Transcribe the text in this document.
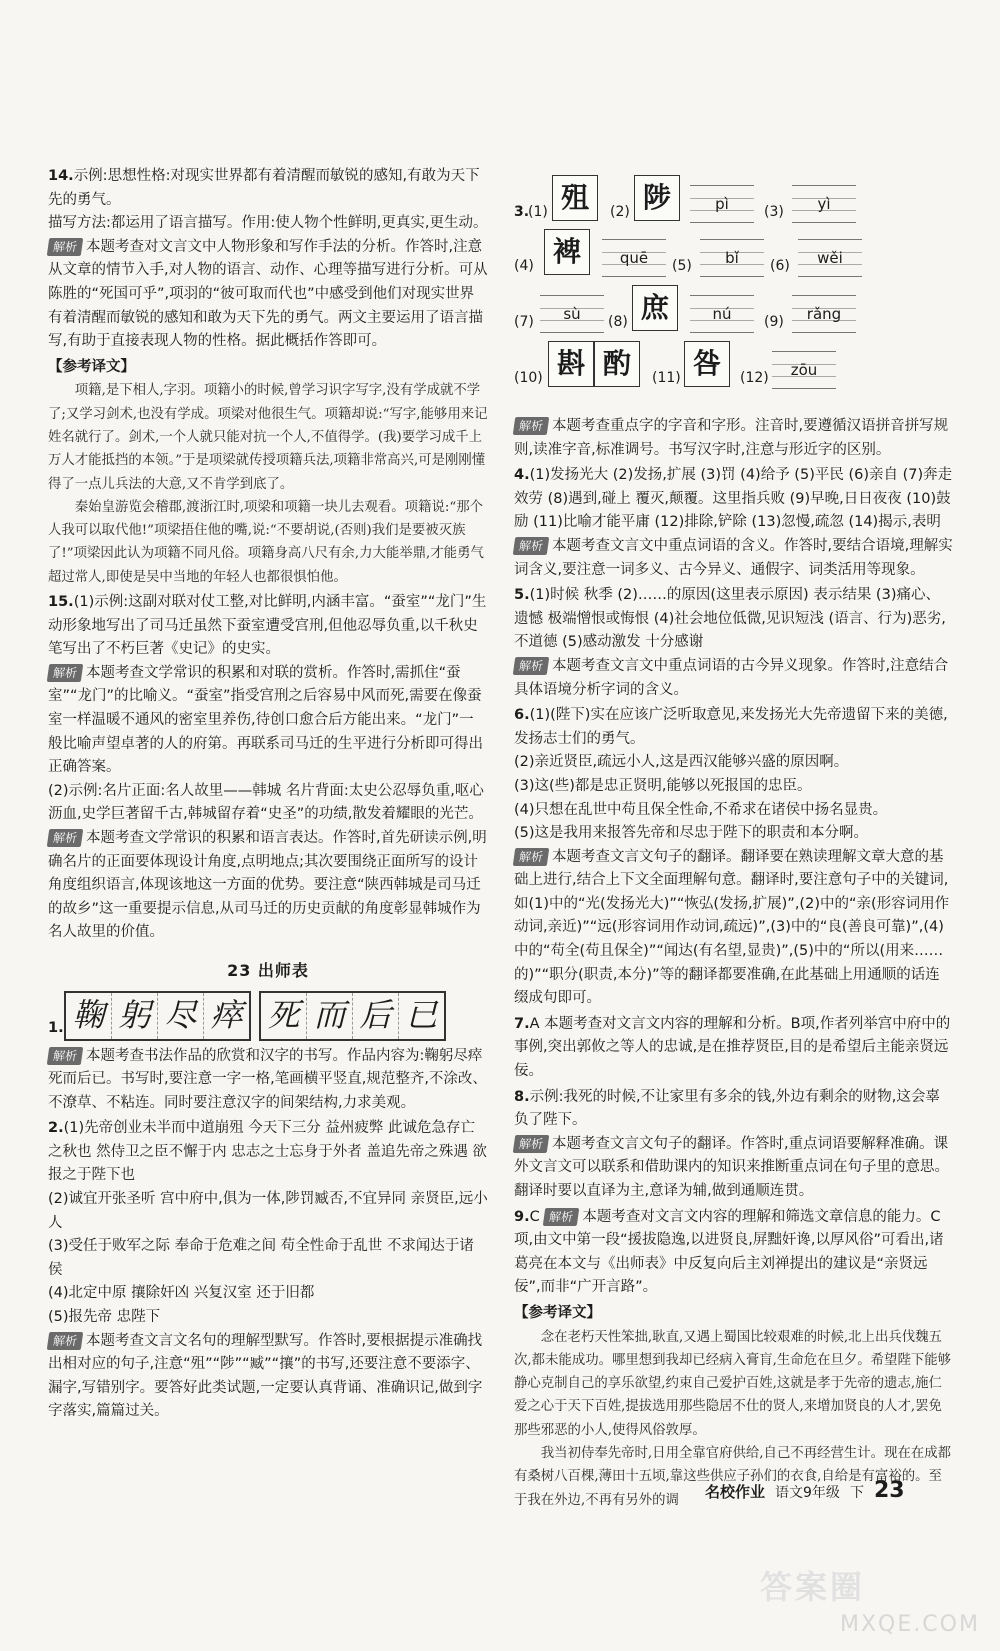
14.示例:思想性格:对现实世界都有着清醒而敏锐的感知,有敢为天下先的勇气。
描写方法:都运用了语言描写。作用:使人物个性鲜明,更真实,更生动。
解析 本题考查对文言文中人物形象和写作手法的分析。作答时,注意从文章的情节入手,对人物的语言、动作、心理等描写进行分析。可从陈胜的“死国可乎”,项羽的“彼可取而代也”中感受到他们对现实世界有着清醒而敏锐的感知和敢为天下先的勇气。两文主要运用了语言描写,有助于直接表现人物的性格。据此概括作答即可。
【参考译文】

项籍,是下相人,字羽。项籍小的时候,曾学习识字写字,没有学成就不学了;又学习剑术,也没有学成。项梁对他很生气。项籍却说:“写字,能够用来记姓名就行了。剑术,一个人就只能对抗一个人,不值得学。(我)要学习成千上万人才能抵挡的本领。”于是项梁就传授项籍兵法,项籍非常高兴,可是刚刚懂得了一点儿兵法的大意,又不肯学到底了。

秦始皇游览会稽郡,渡浙江时,项梁和项籍一块儿去观看。项籍说:“那个人我可以取代他!”项梁捂住他的嘴,说:“不要胡说,(否则)我们是要被灭族了!”项梁因此认为项籍不同凡俗。项籍身高八尺有余,力大能举鼎,才能勇气超过常人,即使是吴中当地的年轻人也都很惧怕他。

15.(1)示例:这副对联对仗工整,对比鲜明,内涵丰富。“蚕室”“龙门”生动形象地写出了司马迁虽然下蚕室遭受宫刑,但他忍辱负重,以千秋史笔写出了不朽巨著《史记》的史实。
解析 本题考查文学常识的积累和对联的赏析。作答时,需抓住“蚕室”“龙门”的比喻义。“蚕室”指受宫刑之后容易中风而死,需要在像蚕室一样温暖不通风的密室里养伤,待创口愈合后方能出来。“龙门”一般比喻声望卓著的人的府第。再联系司马迁的生平进行分析即可得出正确答案。
(2)示例:名片正面:名人故里——韩城 名片背面:太史公忍辱负重,呕心沥血,史学巨著留千古,韩城留存着“史圣”的功绩,散发着耀眼的光芒。
解析 本题考查文学常识的积累和语言表达。作答时,首先研读示例,明确名片的正面要体现设计角度,点明地点;其次要围绕正面所写的设计角度组织语言,体现该地这一方面的优势。要注意“陕西韩城是司马迁的故乡”这一重要提示信息,从司马迁的历史贡献的角度彰显韩城作为名人故里的价值。
23 出师表
1. 鞠 躬 尽 瘁 死 而 后 已
解析 本题考查书法作品的欣赏和汉字的书写。作品内容为:鞠躬尽瘁 死而后已。书写时,要注意一字一格,笔画横平竖直,规范整齐,不涂改、不潦草、不粘连。同时要注意汉字的间架结构,力求美观。
2.(1)先帝创业未半而中道崩殂 今天下三分 益州疲弊 此诚危急存亡之秋也 然侍卫之臣不懈于内 忠志之士忘身于外者 盖追先帝之殊遇 欲报之于陛下也
(2)诚宜开张圣听 宫中府中,俱为一体,陟罚臧否,不宜异同 亲贤臣,远小人
(3)受任于败军之际 奉命于危难之间 苟全性命于乱世 不求闻达于诸侯
(4)北定中原 攘除奸凶 兴复汉室 还于旧都
(5)报先帝 忠陛下
解析 本题考查文言文名句的理解型默写。作答时,要根据提示准确找出相对应的句子,注意“殂”“陟”“臧”“攘”的书写,还要注意不要添字、漏字,写错别字。要答好此类试题,一定要认真背诵、准确识记,做到字字落实,篇篇过关。
3.
(1) 殂	(2) 陟	pì	(3)	yì
(4) 裨	quē	(5)	bǐ	(6)	wěi
(7)	sù	(8) 庶	nú	(9)	rǎng
(10) 斟 酌	(11) 咎	(12)	zōu
解析 本题考查重点字的字音和字形。注音时,要遵循汉语拼音拼写规则,读准字音,标准调号。书写汉字时,注意与形近字的区别。
4.(1)发扬光大 (2)发扬,扩展 (3)罚 (4)给予 (5)平民 (6)亲自 (7)奔走效劳 (8)遇到,碰上 覆灭,颠覆。这里指兵败 (9)早晚,日日夜夜 (10)鼓励 (11)比喻才能平庸 (12)排除,铲除 (13)忽慢,疏忽 (14)揭示,表明
解析 本题考查文言文中重点词语的含义。作答时,要结合语境,理解实词含义,要注意一词多义、古今异义、通假字、词类活用等现象。
5.(1)时候 秋季 (2)……的原因(这里表示原因) 表示结果 (3)痛心、遗憾 极端憎恨或悔恨 (4)社会地位低微,见识短浅 (语言、行为)恶劣,不道德 (5)感动激发 十分感谢
解析 本题考查文言文中重点词语的古今异义现象。作答时,注意结合具体语境分析字词的含义。
6.(1)(陛下)实在应该广泛听取意见,来发扬光大先帝遗留下来的美德,发扬志士们的勇气。
(2)亲近贤臣,疏远小人,这是西汉能够兴盛的原因啊。
(3)这(些)都是忠正贤明,能够以死报国的忠臣。
(4)只想在乱世中苟且保全性命,不希求在诸侯中扬名显贵。
(5)这是我用来报答先帝和尽忠于陛下的职责和本分啊。
解析 本题考查文言文句子的翻译。翻译要在熟读理解文章大意的基础上进行,结合上下文全面理解句意。翻译时,要注意句子中的关键词,如(1)中的“光(发扬光大)”“恢弘(发扬,扩展)”,(2)中的“亲(形容词用作动词,亲近)”“远(形容词用作动词,疏远)”,(3)中的“良(善良可靠)”,(4)中的“苟全(苟且保全)”“闻达(有名望,显贵)”,(5)中的“所以(用来……的)”“职分(职责,本分)”等的翻译都要准确,在此基础上用通顺的话连缀成句即可。
7.A 本题考查对文言文内容的理解和分析。B项,作者列举宫中府中的事例,突出郭攸之等人的忠诚,是在推荐贤臣,目的是希望后主能亲贤远佞。
8.示例:我死的时候,不让家里有多余的钱,外边有剩余的财物,这会辜负了陛下。
解析 本题考查文言文句子的翻译。作答时,重点词语要解释准确。课外文言文可以联系和借助课内的知识来推断重点词在句子里的意思。翻译时要以直译为主,意译为辅,做到通顺连贯。
9.C 解析 本题考查对文言文内容的理解和筛选文章信息的能力。C项,由文中第一段“援拔隐逸,以进贤良,屏黜奸谗,以厚风俗”可看出,诸葛亮在本文与《出师表》中反复向后主刘禅提出的建议是“亲贤远佞”,而非“广开言路”。
【参考译文】

念在老朽天性笨拙,耿直,又遇上蜀国比较艰难的时候,北上出兵伐魏五次,都未能成功。哪里想到我却已经病入膏肓,生命危在旦夕。希望陛下能够静心克制自己的享乐欲望,约束自己爱护百姓,这就是孝于先帝的遗志,施仁爱之心于天下百姓,提拔选用那些隐居不仕的贤人,来增加贤良的人才,罢免那些邪恶的小人,使得风俗敦厚。

我当初侍奉先帝时,日用全靠官府供给,自己不再经营生计。现在在成都有桑树八百棵,薄田十五顷,靠这些供应子孙们的衣食,自给是有富裕的。至于我在外边,不再有另外的调	名校作业 语文9年级 下 23
答案圈
MXQE.COM
